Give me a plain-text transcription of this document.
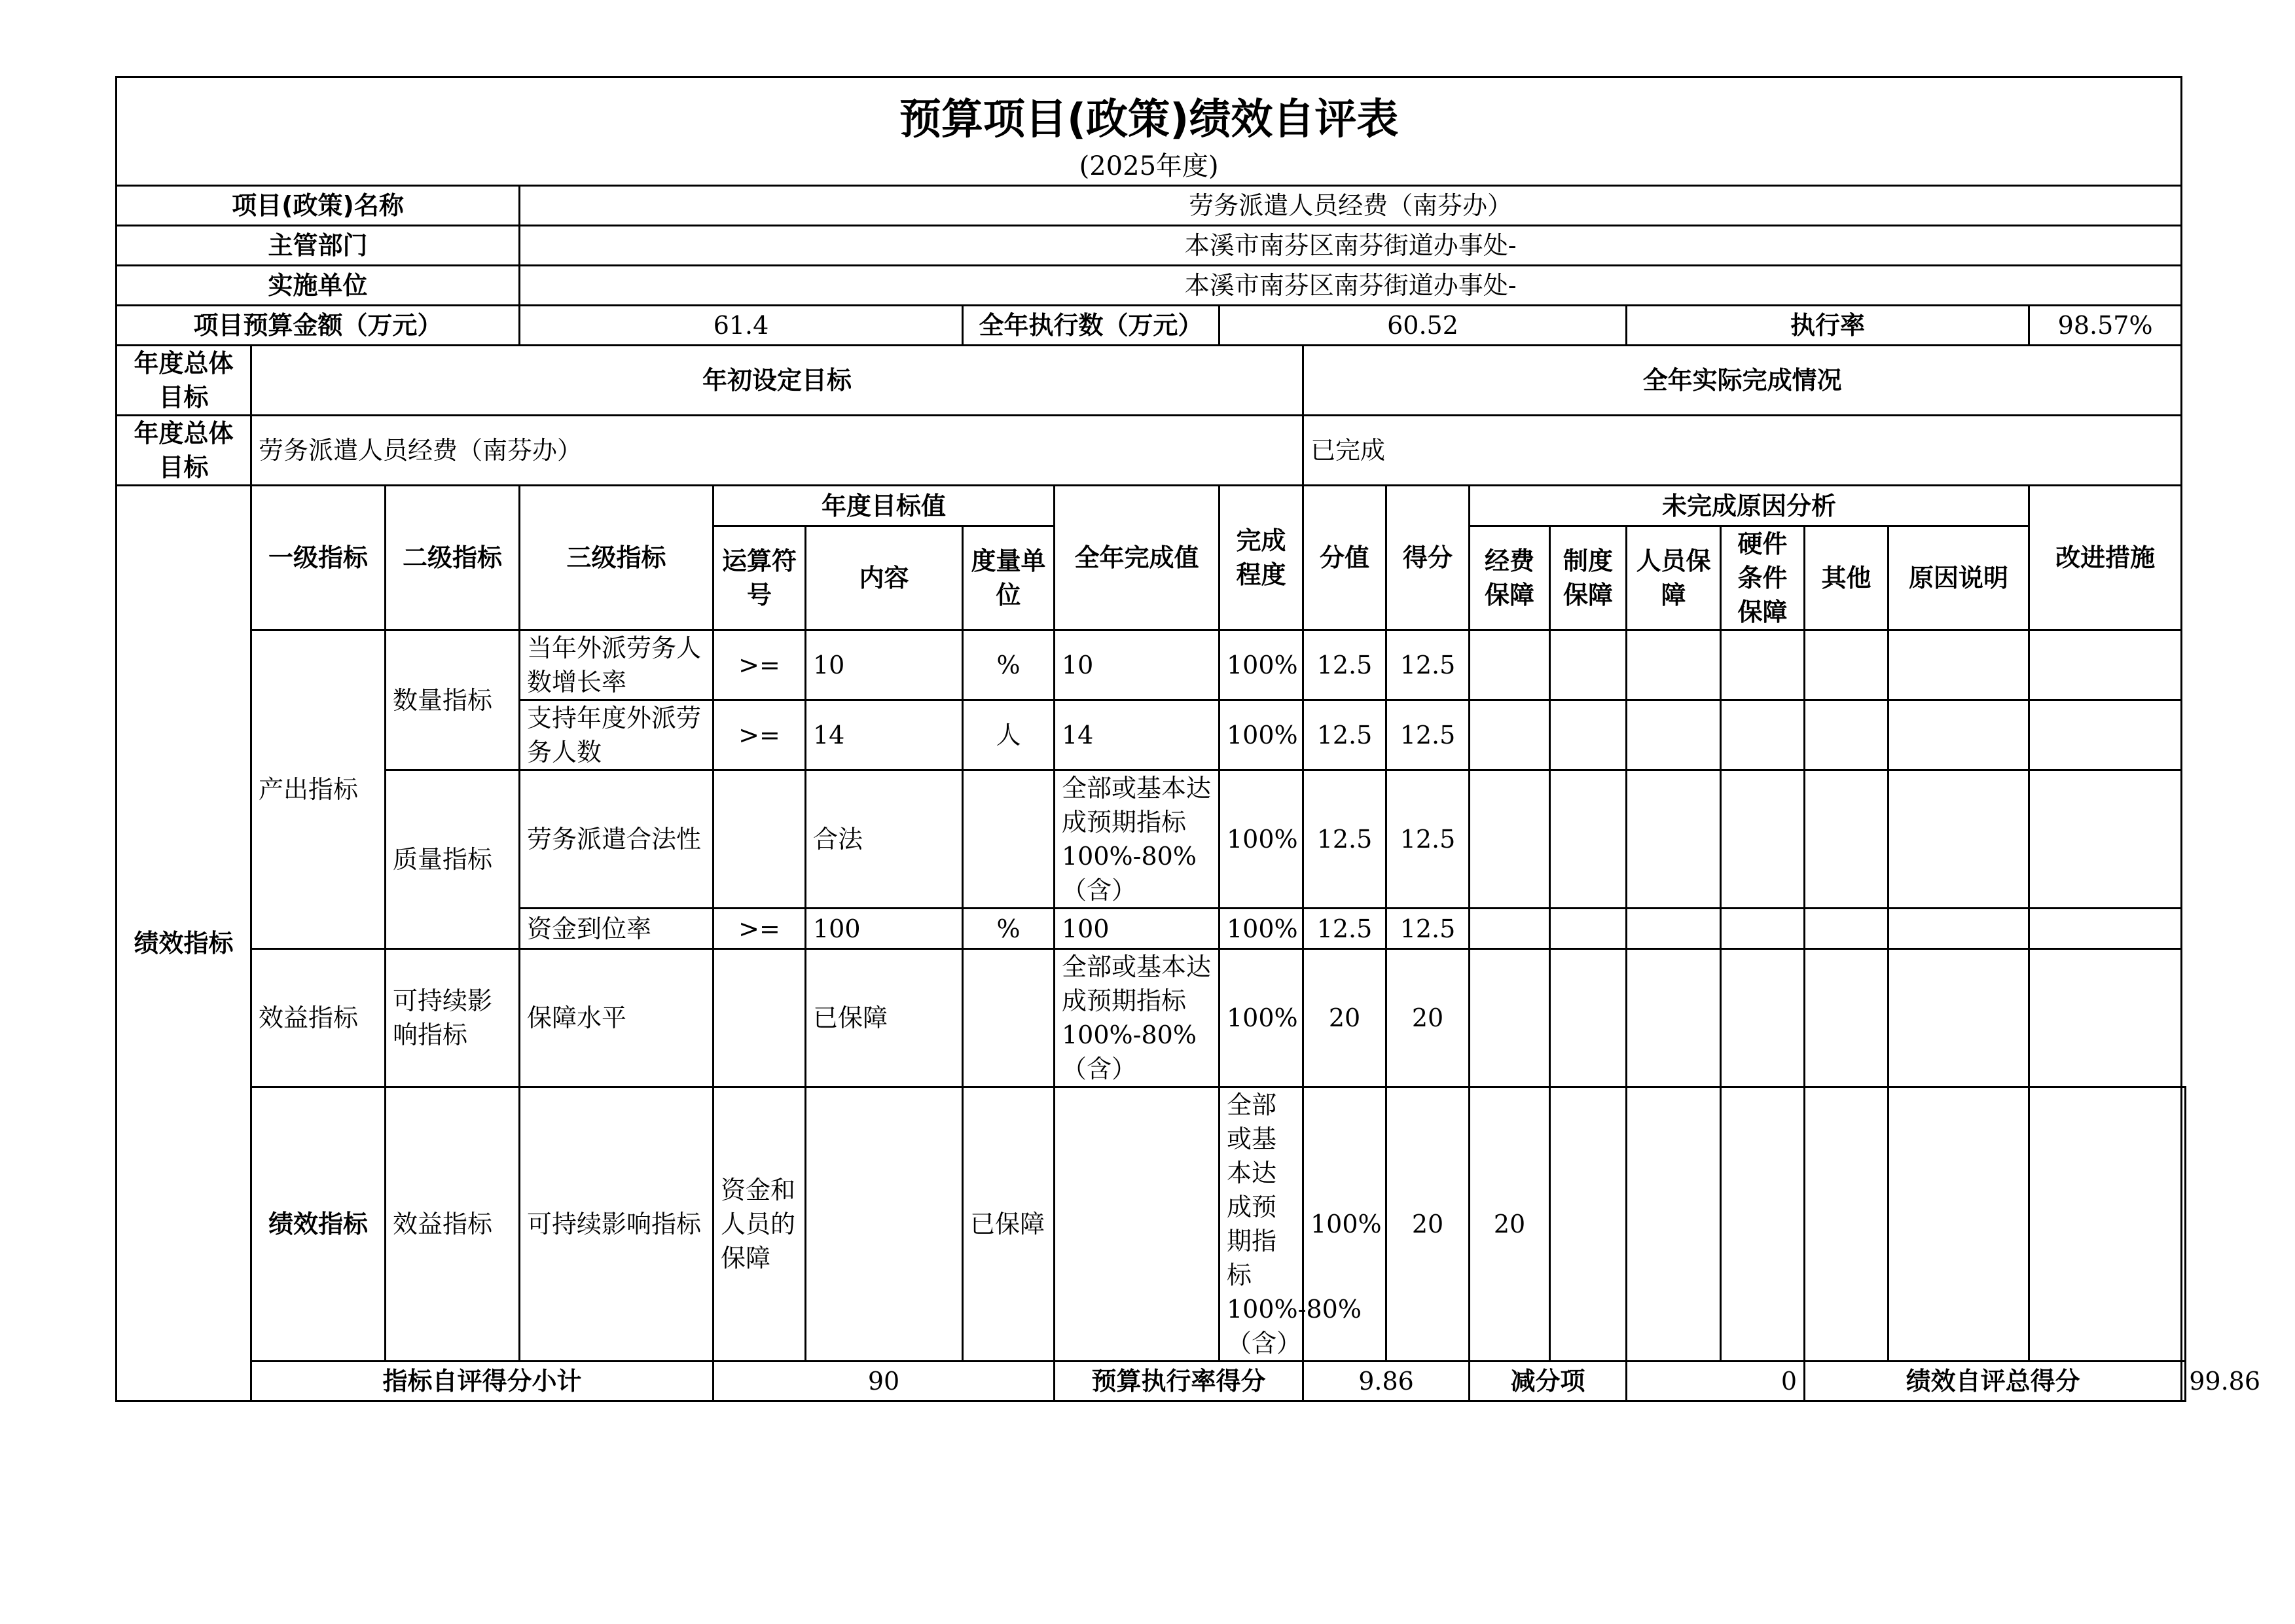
预算项目(政策)绩效自评表
(2025年度)																		

项目(政策)名称			劳务派遣人员经费（南芬办）															
主管部门			本溪市南芬区南芬街道办事处-															
实施单位			本溪市南芬区南芬街道办事处-															
项目预算金额（万元）			61.4			全年执行数（万元）		60.52					执行率				98.57%	
年度总体目标	年初设定目标								全年实际完成情况									
年度总体目标	劳务派遣人员经费（南芬办）								已完成									
绩效指标	一级指标	二级指标	三级指标	年度目标值			全年完成值	完成程度	分值	得分	未完成原因分析						改进措施	
				运算符号	内容	度量单位					经费保障	制度保障	人员保障	硬件条件保障	其他	原因说明		
	产出指标	数量指标	当年外派劳务人数增长率	>=	10	%	10	100%	12.5	12.5								
			支持年度外派劳务人数	>=	14	人	14	100%	12.5	12.5								
		质量指标	劳务派遣合法性		合法		全部或基本达成预期指标100%-80%（含）	100%	12.5	12.5								
			资金到位率	>=	100	%	100	100%	12.5	12.5								
	效益指标	可持续影响指标	保障水平		已保障		全部或基本达成预期指标100%-80%（含）	100%	20	20								
	绩效指标	效益指标	可持续影响指标	资金和人员的保障		已保障		全部或基本达成预期指标100%-80%（含）	100%	20	20							
	指标自评得分小计			90			预算执行率得分		9.86		减分项		0		绩效自评总得分			99.86
